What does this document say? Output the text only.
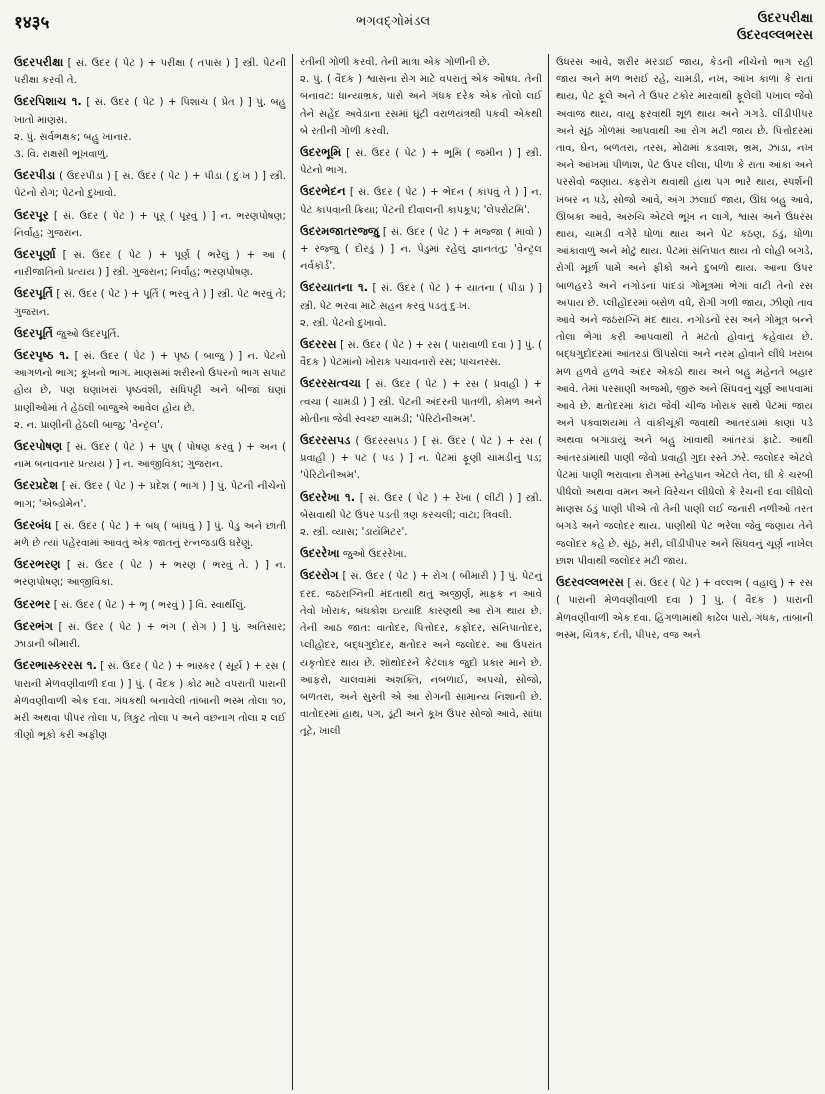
१४३५	ભગવદ્ગોમંડલ	ઉદરપરીક્ષા
ઉદરવલ્લભરસ
ઉદરપરીક્ષા [ સં. ઉદર ( પેટ ) + પરીક્ષા ( તપાસ ) ] સ્ત્રી. પેટની પરીક્ષા કરવી તે.
ઉદરપિશાચ ૧. [ સં. ઉદર ( પેટ ) + પિશાચ ( પ્રેત ) ] પું. બહુ ખાતો માણસ.
૨. પું. સર્વભક્ષક; બહુ ખાનાર.
૩. વિ. રાક્ષસી ભૂખવાળું.
ઉદરપીડા ( ઉદરપીડા ) [ સં. ઉદર ( પેટ ) + પીડા ( દુઃખ ) ] સ્ત્રી. પેટનો રોગ; પેટનો દુખાવો.
ઉદરપૂર [ સં. ઉદર ( પેટ ) + પૂર્ ( પૂરવું ) ] ન. ભરણપોષણ; નિર્વાહ; ગુજરાન.
ઉદરપૂર્ણા [ સં. ઉદર ( પેટ ) + પૂર્ણ ( ભરેલું ) + આ ( નારીજાતિનો પ્રત્યય ) ] સ્ત્રી. ગુજરાન; નિર્વાહ; ભરણપોષણ.
ઉદરપૂર્તિ [ સં. ઉદર ( પેટ ) + પૂર્તિ ( ભરવું તે ) ] સ્ત્રી. પેટ ભરવું તે; ગુજરાન.
ઉદરપૂર્તિ જુઓ ઉદરપૂર્તિ.
ઉદરપૃષ્ઠ ૧. [ સં. ઉદર ( પેટ ) + પૃષ્ઠ ( બાજુ ) ] ન. પેટનો આગળનો ભાગ; કૂખનો ભાગ. માણસમાં શરીરનો ઉપરનો ભાગ સપાટ હોય છે, પણ ઘણાંખરાં પૃષ્ઠવંશી, સંધિપટ્ટી અને બીજાં ઘણાં પ્રાણીઓમાં તે હેઠલી બાજુએ આવેલ હોય છે.
૨. ન. પ્રાણીની હેઠલી બાજુ; 'વેન્ટ્રલ'.
ઉદરપોષણ [ સં. ઉદર ( પેટ ) + પુષ્ ( પોષણ કરવું ) + અન ( નામ બનાવનાર પ્રત્યય ) ] ન. આજીવિકા; ગુજરાન.
ઉદરપ્રદેશ [ સં. ઉદર ( પેટ ) + પ્રદેશ ( ભાગ ) ] પું. પેટની નીચેનો ભાગ; 'એબ્ડોમેન'.
ઉદરબંધ [ સં. ઉદર ( પેટ ) + બંધ્ ( બાંધવું ) ] પું. પેડુ અને છાતી મળે છે ત્યાં પહેરવામાં આવતું એક જાતનું રત્નજડાઉ ઘરેણું.
ઉદરભરણ [ સં. ઉદર ( પેટ ) + ભરણ ( ભરવું તે. ) ] ન. ભરણપોષણ; આજીવિકા.
ઉદરભર [ સં. ઉદર ( પેટ ) + ભૃ ( ભરવું ) ] વિ. સ્વાર્થીલું.
ઉદરભંગ [ સં. ઉદર ( પેટ ) + ભંગ ( રોગ ) ] પું. અતિસાર; ઝાડાની બીમારી.
ઉદરભાસ્કરરસ ૧. [ સં. ઉદર ( પેટ ) + ભાસ્કર ( સૂર્ય ) + રસ ( પારાની મેળવણીવાળી દવા ) ] પું. ( વૈદક ) કોઢ માટે વપરાતી પારાની મેળવણીવાળી એક દવા. ગંધકથી બનાવેલી તાંબાની ભસ્મ તોલા ૧૦, મરી અથવા પીપર તોલા ૫, ત્રિકુટ તોલા ૫ અને વછનાગ તોલા ૨ લઈ ત્રીણો ભૂકો કરી અફીણ
રતીની ગોળી કરવી. તેની માત્રા એક ગોળીની છે.
૨. પું. ( વૈદક ) શ્વાસના રોગ માટે વપરાતું એક ઔષધ. તેની બનાવટ: ધાન્યાભ્રક, પારો અને ગંધક દરેક એક તોલો લઈ તેને સહેદ અવેડાના રસમાં ઘૂંટી વરાળયંત્રથી પકવી એકથી બે રતીની ગોળી કરવી.
ઉદરભૂમિ [ સં. ઉદર ( પેટ ) + ભૂમિ ( જમીન ) ] સ્ત્રી. પેટનો ભાગ.
ઉદરભેદન [ સં. ઉદર ( પેટ ) + ભેદન ( કાપવું તે ) ] ન. પેટ કાપવાની ક્રિયા; પેટની દીવાલની કાપકૂપ; 'લેપરોટમિ'.
ઉદરમજાતરજ્જુ [ સં. ઉદર ( પેટ ) + મજ્જા ( માવો ) + રજ્જુ ( દોરડું ) ] ન. પેડુમાં રહેલું જ્ઞાનતંતુ; 'વેન્ટ્રલ નર્વકૉર્ડ'.
ઉદરયાતના ૧. [ સં. ઉદર ( પેટ ) + યાતના ( પીડા ) ] સ્ત્રી. પેટ ભરવા માટે સહન કરવું પડતું દુઃખ.
૨. સ્ત્રી. પેટનો દુખાવો.
ઉદરરસ [ સં. ઉદર ( પેટ ) + રસ ( પારાવાળી દવા ) ] પું. ( વૈદક ) પેટમાંનો ખોરાક પચાવનારો રસ; પાચનરસ.
ઉદરરસત્વચા [ સં. ઉદર ( પેટ ) + રસ ( પ્રવાહી ) + ત્વચા ( ચામડી ) ] સ્ત્રી. પેટની અંદરની પાતળી, કોમળ અને મોતીના જેવી સ્વચ્છ ચામડી; 'પેરિટોનીઅમ'.
ઉદરરસપડ ( ઉદરરસપડ ) [ સં. ઉદર ( પેટ ) + રસ ( પ્રવાહી ) + પટ ( પડ ) ] ન. પેટમાં ફૂણી ચામડીનું પડ; 'પેરિટોનીઅમ'.
ઉદરરેખા ૧. [ સં. ઉદર ( પેટ ) + રેખા ( લીટી ) ] સ્ત્રી. બેસવાથી પેટ ઉપર પડતી ત્રણ કરચલી; વાટા; ત્રિવલી.
૨. સ્ત્રી. વ્યાસ; 'ડાયૅમિટર'.
ઉદરરેખા જુઓ ઉદરરેખા.
ઉદરરોગ [ સં. ઉદર ( પેટ ) + રોગ ( બીમારી ) ] પું. પેટનું દરદ. જઠરાગ્નિની મંદતાથી થતું અજીર્ણ, માફક ન આવે તેવો ખોરાક, બંધકોશ ઇત્યાદિ કારણથી આ રોગ થાય છે. તેની આઠ જાત: વાતોદર, પિત્તોદર, કફોદર, સંનિપાતોદર, પ્લીહોદર, બદ્ધગુદોદર, ક્ષતોદર અને જલોદર. આ ઉપરાંત યકૃતોદર થાય છે. શૉથોદરને કેટલાક જુદો પ્રકાર માને છે. આફરો, ચાલવામાં અશક્તિ, નબળાઈ, અપચો, સોજો, બળતરા, અને સુસ્તી એ આ રોગની સામાન્ય નિશાની છે. વાતોદરમાં હાથ, પગ, ડૂંટી અને કૂખ ઉપર સોજો આવે, સાંધા તૂટે, ખાલી
ઉધરસ આવે, શરીર મરડાઈ જાય, કેડની નીચેનો ભાગ રહી જાય અને મળ ભરાઈ રહે, ચામડી, નખ, આંખ કાળાં કે રાતાં થાય, પેટ ફૂલે અને તે ઉપર ટકોર મારવાથી ફૂલેલી પખાલ જેવો અવાજ થાય, વાયુ ફરવાથી શૂળ થાય અને ગગડે. લીંડીપીપર અને સૂંઠ ગોળમાં આપવાથી આ રોગ મટી જાય છે. પિત્તોદરમાં તાવ, ઘેન, બળતરા, તરસ, મોઢામાં કડવાશ, ભ્રમ, ઝાડા, નખ અને આંખમાં પીળાશ, પેટ ઉપર લીલા, પીળા કે રાતા આંકા અને પરસેવો જણાય. ક્ફરોગ થવાથી હાથ પગ ભારે થાય, સ્પર્શની ખબર ન પડે, સોજો આવે, અંગ ઝલાઈ જાય, ઊંઘ બહુ આવે, ઊબકા આવે, અરુચિ એટલે ભૂખ ન લાગે, શ્વાસ અને ઉધરસ થાય, ચામડી વગેરે ધોળાં થાય અને પેટ કઠણ, ઠંડું, ધોળા આંકાવાળું અને મોટું થાય. પેટમાં સંનિપાત થાય તો લોહી બગડે, રોગી મૂર્છા પામે અને ફીકો અને દુબળો થાય. આના ઉપર બાળહરડે અને નગોડનાં પાંદડાં ગોમૂત્રમાં ભેગાં વાટી તેનો રસ અપાય છે. પ્લીહોદરમાં બરોળ વધે, રોગી ગળી જાય, ઝીણો તાવ આવે અને જઠરાગ્નિ મંદ થાય. નગોડનો રસ અને ગોમૂત્ર બન્ને તોલા ભેગાં કરી આપવાથી તે મટતો હોવાનું કહેવાય છે. બદ્ધગુદોદરમાં આંતરડાં ઊપસેલાં અને નરમ હોવાને લીધે ખરાબ મળ હળવે હળવે અંદર એકઠો થાય અને બહુ મહેનતે બહાર આવે. તેમાં પરસાણી અજમો, જીરું અને સિંધવનું ચૂર્ણ આપવામાં આવે છે. ક્ષતોદરમાં કાંટા જેવી ચીજ ખોરાક સાથે પેટમાં જાય અને પક્વાશયમાં તે વાંકીચૂંકી જવાથી આંતરડામાં કાણાં પડે અથવા બગાડાયું અને બહુ ખાવાથી આંતરડાં ફાટે. આથી આંતરડાંમાંથી પાણી જેવો પ્રવાહી ગુદા રસ્તે ઝરે. જલોદર એટલે પેટમાં પાણી ભરાવાના રોગમાં સ્નેહપાન એટલે તેલ, ઘી કે ચરબી પીધેલો અથવા વમન અને વિરેચન લીધેલો કે રેચની દવા લીધેલો માણસ ઠંડું પાણી પીએ તો તેની પાણી લઈ જનારી નળીઓ તરત બગડે અને જલોદર થાય. પાણીથી પેટ ભરેલા જેવું જણાય તેને જલોદર કહે છે. સૂંઠ, મરી, લીંડીપીપર અને સિંધવનું ચૂર્ણ નાખેલ છાશ પીવાથી જલોદર મટી જાય.
ઉદરવલ્લભરસ [ સં. ઉદર ( પેટ ) + વલ્લભ ( વહાલું ) + રસ ( પારાની મેળવણીવાળી દવા ) ] પું. ( વૈદક ) પારાની મેળવણીવાળી એક દવા. હિંગળામાંથી કાઢેલ પારો, ગંધક, તાંબાની ભસ્મ, ચિત્રક, દંતી, પીપર, વજ અને
